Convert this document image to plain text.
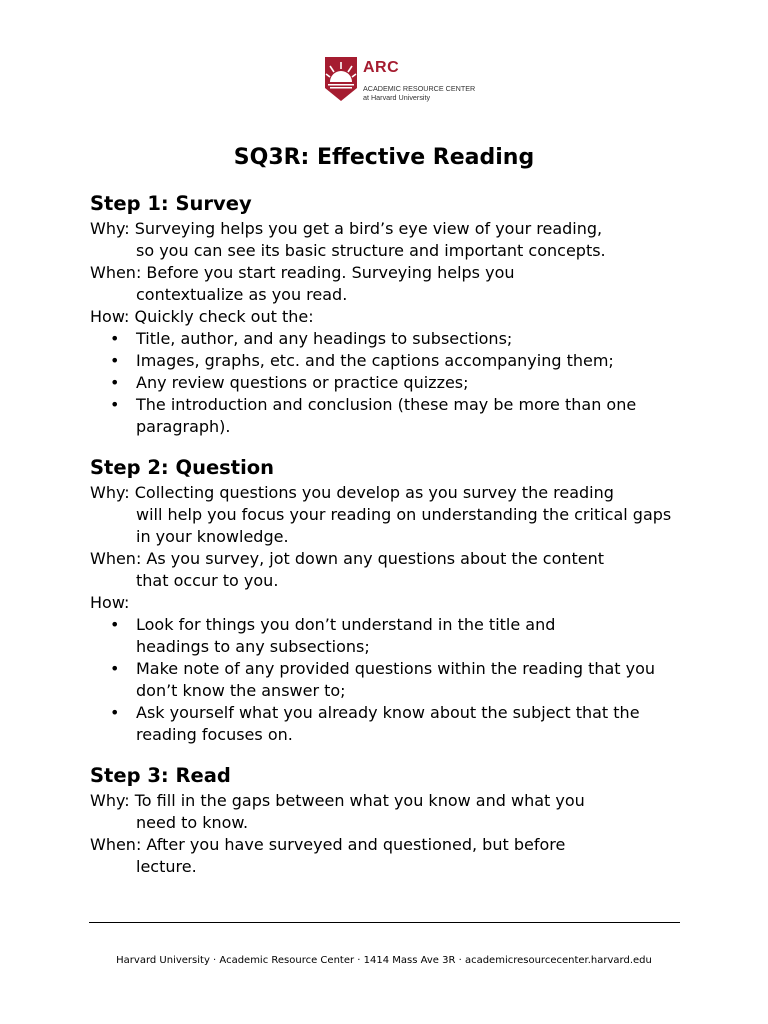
ARC
ACADEMIC RESOURCE CENTER
at Harvard University
SQ3R: Effective Reading
Step 1: Survey
Why: Surveying helps you get a bird’s eye view of your reading,
so you can see its basic structure and important concepts.
When: Before you start reading. Surveying helps you
contextualize as you read.
How: Quickly check out the:
•	Title, author, and any headings to subsections;
•	Images, graphs, etc. and the captions accompanying them;
•	Any review questions or practice quizzes;
•	The introduction and conclusion (these may be more than one paragraph).
Step 2: Question
Why: Collecting questions you develop as you survey the reading
will help you focus your reading on understanding the critical gaps in your knowledge.
When: As you survey, jot down any questions about the content
that occur to you.
How:
•	Look for things you don’t understand in the title and headings to any subsections;
•	Make note of any provided questions within the reading that you don’t know the answer to;
•	Ask yourself what you already know about the subject that the reading focuses on.
Step 3: Read
Why: To fill in the gaps between what you know and what you
need to know.
When: After you have surveyed and questioned, but before
lecture.
Harvard University · Academic Resource Center · 1414 Mass Ave 3R · academicresourcecenter.harvard.edu
